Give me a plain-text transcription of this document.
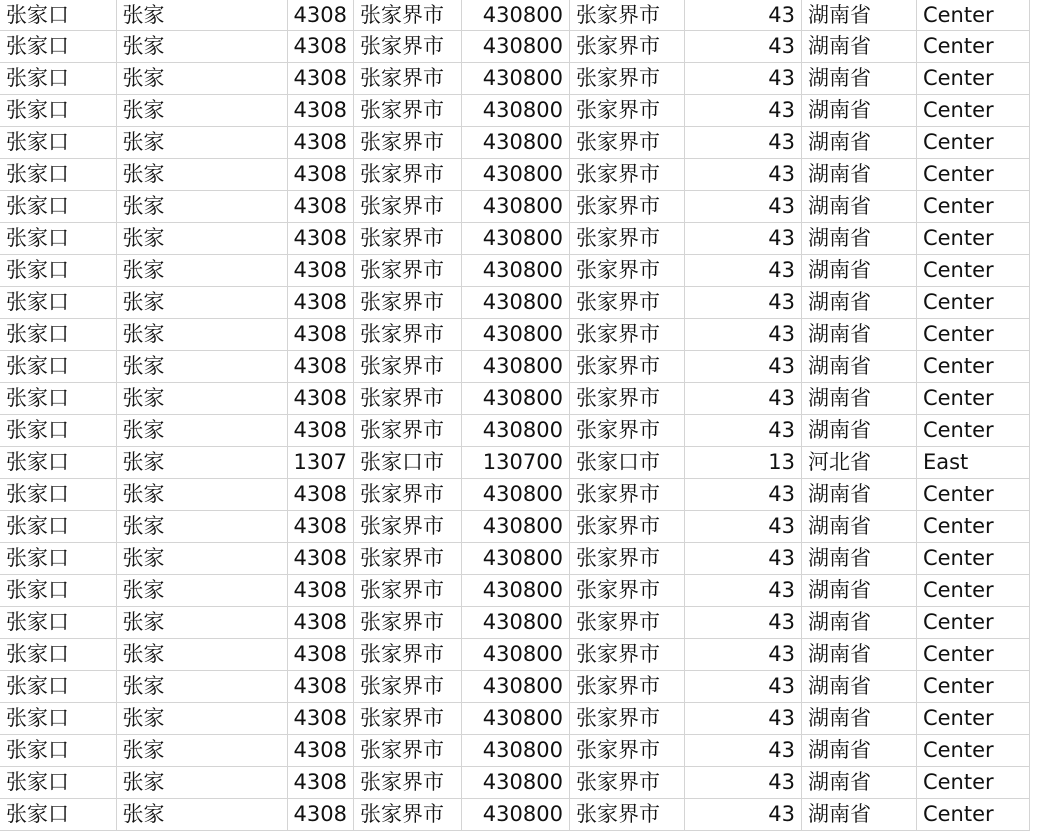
张家口	张家	4308	张家界市	430800	张家界市	43	湖南省	Center
张家口	张家	4308	张家界市	430800	张家界市	43	湖南省	Center
张家口	张家	4308	张家界市	430800	张家界市	43	湖南省	Center
张家口	张家	4308	张家界市	430800	张家界市	43	湖南省	Center
张家口	张家	4308	张家界市	430800	张家界市	43	湖南省	Center
张家口	张家	4308	张家界市	430800	张家界市	43	湖南省	Center
张家口	张家	4308	张家界市	430800	张家界市	43	湖南省	Center
张家口	张家	4308	张家界市	430800	张家界市	43	湖南省	Center
张家口	张家	4308	张家界市	430800	张家界市	43	湖南省	Center
张家口	张家	4308	张家界市	430800	张家界市	43	湖南省	Center
张家口	张家	4308	张家界市	430800	张家界市	43	湖南省	Center
张家口	张家	4308	张家界市	430800	张家界市	43	湖南省	Center
张家口	张家	4308	张家界市	430800	张家界市	43	湖南省	Center
张家口	张家	4308	张家界市	430800	张家界市	43	湖南省	Center
张家口	张家	1307	张家口市	130700	张家口市	13	河北省	East
张家口	张家	4308	张家界市	430800	张家界市	43	湖南省	Center
张家口	张家	4308	张家界市	430800	张家界市	43	湖南省	Center
张家口	张家	4308	张家界市	430800	张家界市	43	湖南省	Center
张家口	张家	4308	张家界市	430800	张家界市	43	湖南省	Center
张家口	张家	4308	张家界市	430800	张家界市	43	湖南省	Center
张家口	张家	4308	张家界市	430800	张家界市	43	湖南省	Center
张家口	张家	4308	张家界市	430800	张家界市	43	湖南省	Center
张家口	张家	4308	张家界市	430800	张家界市	43	湖南省	Center
张家口	张家	4308	张家界市	430800	张家界市	43	湖南省	Center
张家口	张家	4308	张家界市	430800	张家界市	43	湖南省	Center
张家口	张家	4308	张家界市	430800	张家界市	43	湖南省	Center
